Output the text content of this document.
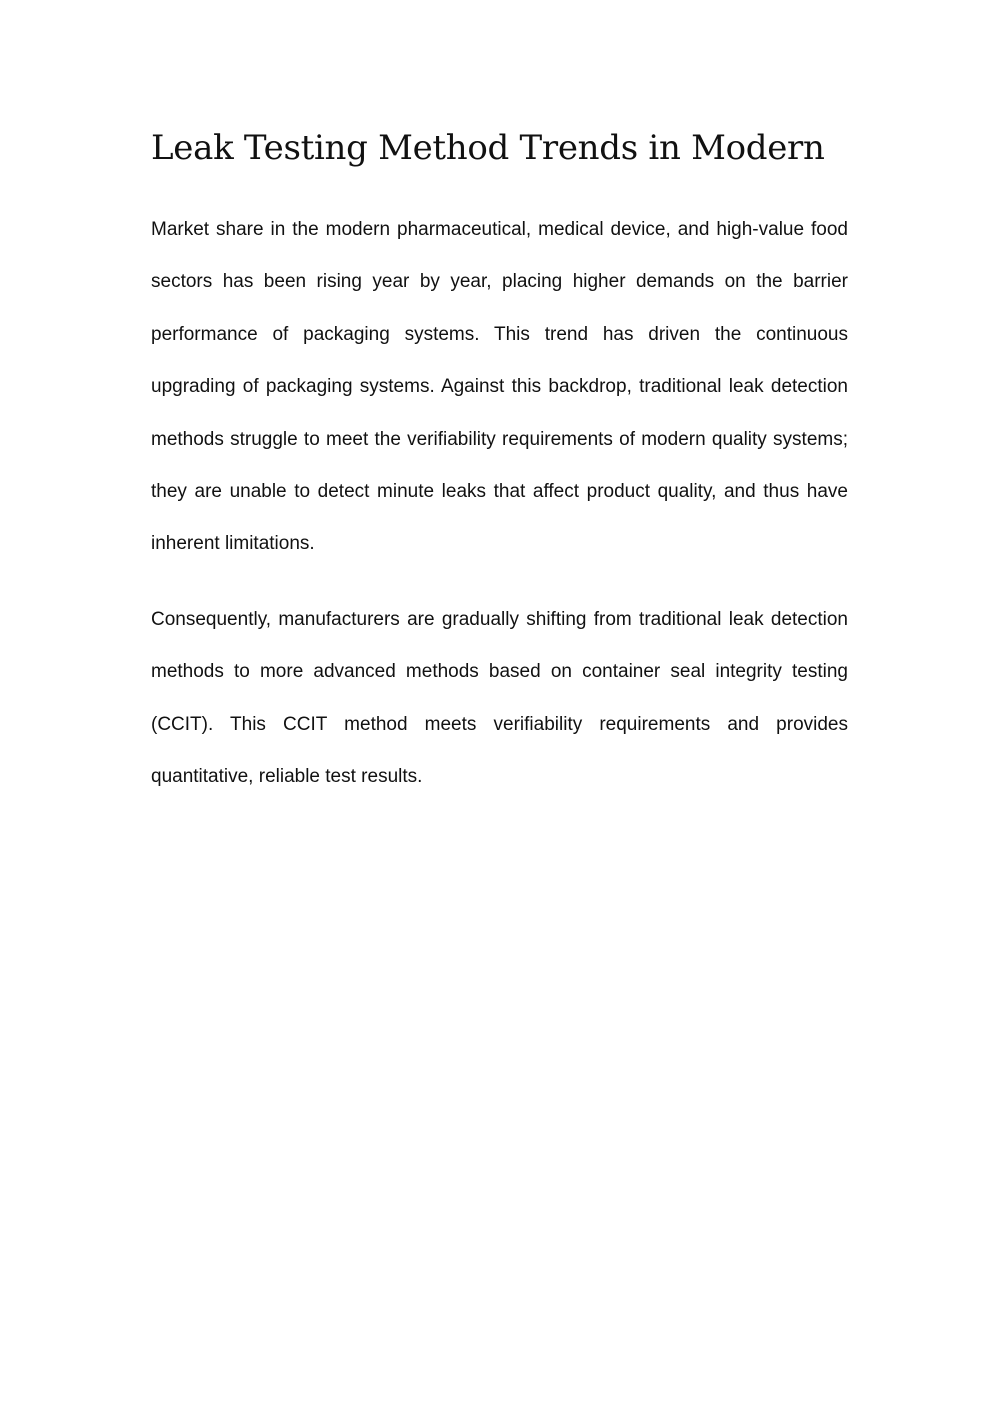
Leak Testing Method Trends in Modern

Market share in the modern pharmaceutical, medical device, and high-value food sectors has been rising year by year, placing higher demands on the barrier performance of packaging systems. This trend has driven the continuous upgrading of packaging systems. Against this backdrop, traditional leak detection methods struggle to meet the verifiability requirements of modern quality systems; they are unable to detect minute leaks that affect product quality, and thus have inherent limitations.

Consequently, manufacturers are gradually shifting from traditional leak detection methods to more advanced methods based on container seal integrity testing (CCIT). This CCIT method meets verifiability requirements and provides quantitative, reliable test results.
